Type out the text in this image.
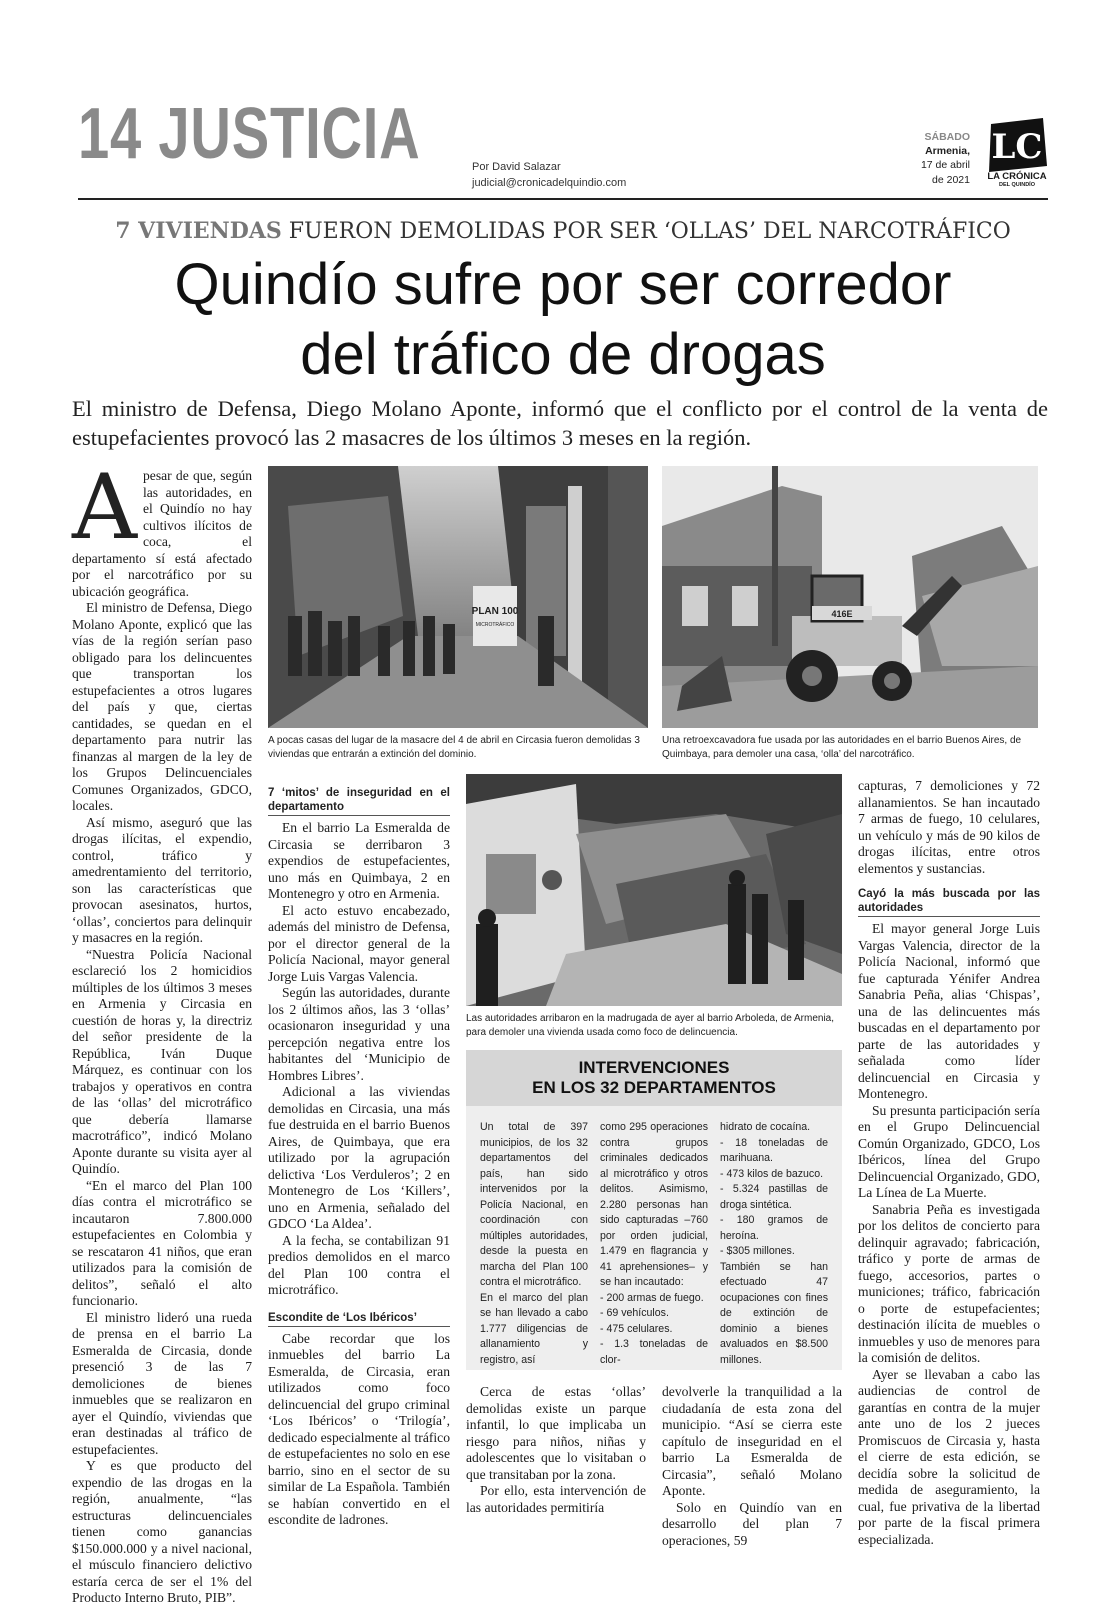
14 JUSTICIA	Por David Salazar
judicial@cronicadelquindio.com
SÁBADO
Armenia,
17 de abril
de 2021
LC
LA CRÓNICA
DEL QUINDÍO
7 VIVIENDAS FUERON DEMOLIDAS POR SER ‘OLLAS’ DEL NARCOTRÁFICO
Quindío sufre por ser corredor
del tráfico de drogas
El ministro de Defensa, Diego Molano Aponte, informó que el conflicto por el control de la venta de estupefacientes provocó las 2 masacres de los últimos 3 meses en la región.

Apesar de que, según las autoridades, en el Quindío no hay cultivos ilícitos de coca, el departamento sí está afectado por el narcotráfico por su ubicación geográfica.

El ministro de Defensa, Diego Molano Aponte, explicó que las vías de la región serían paso obligado para los delincuentes que transportan los estupefacientes a otros lugares del país y que, ciertas cantidades, se quedan en el departamento para nutrir las finanzas al margen de la ley de los Grupos Delincuenciales Comunes Organizados, GDCO, locales.

Así mismo, aseguró que las drogas ilícitas, el expendio, control, tráfico y amedrentamiento del territorio, son las características que provocan asesinatos, hurtos, ‘ollas’, conciertos para delinquir y masacres en la región.

“Nuestra Policía Nacional esclareció los 2 homicidios múltiples de los últimos 3 meses en Armenia y Circasia en cuestión de horas y, la directriz del señor presidente de la República, Iván Duque Márquez, es continuar con los trabajos y operativos en contra de las ‘ollas’ del microtráfico que debería llamarse macrotráfico”, indicó Molano Aponte durante su visita ayer al Quindío.

“En el marco del Plan 100 días contra el microtráfico se incautaron 7.800.000 estupefacientes en Colombia y se rescataron 41 niños, que eran utilizados para la comisión de delitos”, señaló el alto funcionario.

El ministro lideró una rueda de prensa en el barrio La Esmeralda de Circasia, donde presenció 3 de las 7 demoliciones de bienes inmuebles que se realizaron en ayer el Quindío, viviendas que eran destinadas al tráfico de estupefacientes.

Y es que producto del expendio de las drogas en la región, anualmente, “las estructuras delincuenciales tienen como ganancias $150.000.000 y a nivel nacional, el músculo financiero delictivo estaría cerca de ser el 1% del Producto Interno Bruto, PIB”.

PLAN 100
MICROTRÁFICO
A pocas casas del lugar de la masacre del 4 de abril en Circasia fueron demolidas 3 viviendas que entrarán a extinción del dominio.
416E
Una retroexcavadora fue usada por las autoridades en el barrio Buenos Aires, de Quimbaya, para demoler una casa, ‘olla’ del narcotráfico.
7 ‘mitos’ de inseguridad en el departamento

En el barrio La Esmeralda de Circasia se derribaron 3 expendios de estupefacientes, uno más en Quimbaya, 2 en Montenegro y otro en Armenia.

El acto estuvo encabezado, además del ministro de Defensa, por el director general de la Policía Nacional, mayor general Jorge Luis Vargas Valencia.

Según las autoridades, durante los 2 últimos años, las 3 ‘ollas’ ocasionaron inseguridad y una percepción negativa entre los habitantes del ‘Municipio de Hombres Libres’.

Adicional a las viviendas demolidas en Circasia, una más fue destruida en el barrio Buenos Aires, de Quimbaya, que era utilizado por la agrupación delictiva ‘Los Verduleros’; 2 en Montenegro de Los ‘Killers’, uno en Armenia, señalado del GDCO ‘La Aldea’.

A la fecha, se contabilizan 91 predios demolidos en el marco del Plan 100 contra el microtráfico.

Escondite de ‘Los Ibéricos’

Cabe recordar que los inmuebles del barrio La Esmeralda, de Circasia, eran utilizados como foco delincuencial del grupo criminal ‘Los Ibéricos’ o ‘Trilogía’, dedicado especialmente al tráfico de estupefacientes no solo en ese barrio, sino en el sector de su similar de La Española. También se habían convertido en el escondite de ladrones.

Las autoridades arribaron en la madrugada de ayer al barrio Arboleda, de Armenia, para demoler una vivienda usada como foco de delincuencia.
INTERVENCIONES
EN LOS 32 DEPARTAMENTOS
Un total de 397 municipios, de los 32 departamentos del país, han sido intervenidos por la Policía Nacional, en coordinación con múltiples autoridades, desde la puesta en marcha del Plan 100 contra el microtráfico.
En el marco del plan se han llevado a cabo 1.777 diligencias de allanamiento y registro, así
como 295 operaciones contra grupos criminales dedicados al microtráfico y otros delitos. Asimismo, 2.280 personas han sido capturadas –760 por orden judicial, 1.479 en flagrancia y 41 aprehensiones– y se han incautado:
- 200 armas de fuego.
- 69 vehículos.
- 475 celulares.
- 1.3 toneladas de clor-
hidrato de cocaína.
- 18 toneladas de marihuana.
- 473 kilos de bazuco.
- 5.324 pastillas de droga sintética.
- 180 gramos de heroína.
- $305 millones.
También se han efectuado 47 ocupaciones con fines de extinción de dominio a bienes avaluados en $8.500 millones.

Cerca de estas ‘ollas’ demolidas existe un parque infantil, lo que implicaba un riesgo para niños, niñas y adolescentes que lo visitaban o que transitaban por la zona.

Por ello, esta intervención de las autoridades permitiría

devolverle la tranquilidad a la ciudadanía de esta zona del municipio. “Así se cierra este capítulo de inseguridad en el barrio La Esmeralda de Circasia”, señaló Molano Aponte.

Solo en Quindío van en desarrollo del plan 7 operaciones, 59

capturas, 7 demoliciones y 72 allanamientos. Se han incautado 7 armas de fuego, 10 celulares, un vehículo y más de 90 kilos de drogas ilícitas, entre otros elementos y sustancias.

Cayó la más buscada por las autoridades

El mayor general Jorge Luis Vargas Valencia, director de la Policía Nacional, informó que fue capturada Yénifer Andrea Sanabria Peña, alias ‘Chispas’, una de las delincuentes más buscadas en el departamento por parte de las autoridades y señalada como líder delincuencial en Circasia y Montenegro.

Su presunta participación sería en el Grupo Delincuencial Común Organizado, GDCO, Los Ibéricos, línea del Grupo Delincuencial Organizado, GDO, La Línea de La Muerte.

Sanabria Peña es investigada por los delitos de concierto para delinquir agravado; fabricación, tráfico y porte de armas de fuego, accesorios, partes o municiones; tráfico, fabricación o porte de estupefacientes; destinación ilícita de muebles o inmuebles y uso de menores para la comisión de delitos.

Ayer se llevaban a cabo las audiencias de control de garantías en contra de la mujer ante uno de los 2 jueces Promiscuos de Circasia y, hasta el cierre de esta edición, se decidía sobre la solicitud de medida de aseguramiento, la cual, fue privativa de la libertad por parte de la fiscal primera especializada.
